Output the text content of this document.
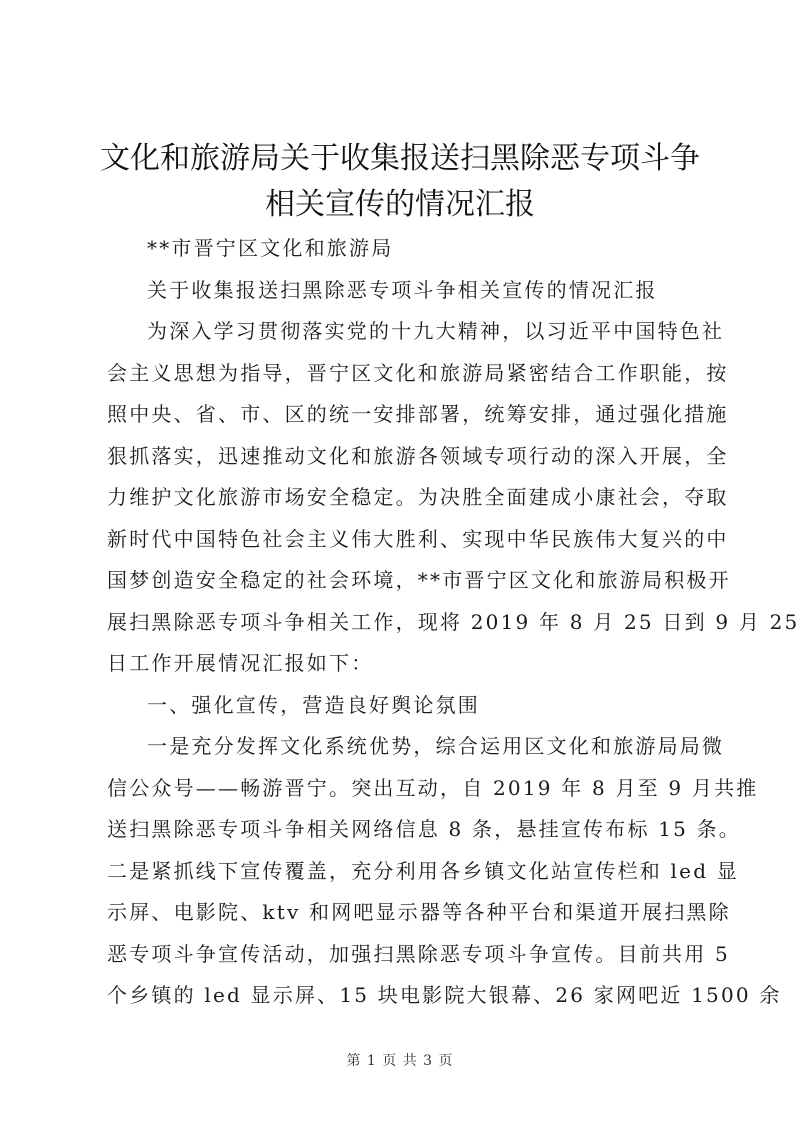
文化和旅游局关于收集报送扫黑除恶专项斗争
相关宣传的情况汇报
**市晋宁区文化和旅游局
关于收集报送扫黑除恶专项斗争相关宣传的情况汇报
为深入学习贯彻落实党的十九大精神，以习近平中国特色社
会主义思想为指导，晋宁区文化和旅游局紧密结合工作职能，按
照中央、省、市、区的统一安排部署，统筹安排，通过强化措施
狠抓落实，迅速推动文化和旅游各领域专项行动的深入开展，全
力维护文化旅游市场安全稳定。为决胜全面建成小康社会，夺取
新时代中国特色社会主义伟大胜利、实现中华民族伟大复兴的中
国梦创造安全稳定的社会环境，**市晋宁区文化和旅游局积极开
展扫黑除恶专项斗争相关工作，现将 2019 年 8 月 25 日到 9 月 25
日工作开展情况汇报如下：
一、强化宣传，营造良好舆论氛围
一是充分发挥文化系统优势，综合运用区文化和旅游局局微
信公众号——畅游晋宁。突出互动，自 2019 年 8 月至 9 月共推
送扫黑除恶专项斗争相关网络信息 8 条，悬挂宣传布标 15 条。
二是紧抓线下宣传覆盖，充分利用各乡镇文化站宣传栏和 led 显
示屏、电影院、ktv 和网吧显示器等各种平台和渠道开展扫黑除
恶专项斗争宣传活动，加强扫黑除恶专项斗争宣传。目前共用 5
个乡镇的 led 显示屏、15 块电影院大银幕、26 家网吧近 1500 余
第 1 页 共 3 页
